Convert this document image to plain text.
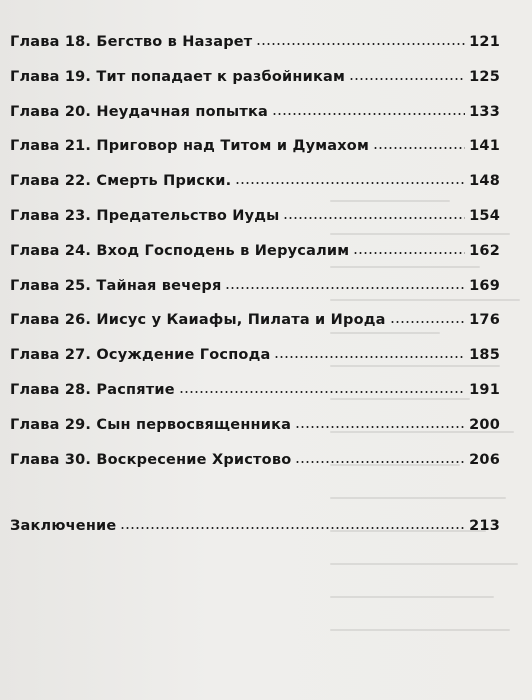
Глава 18. Бегство в Назарет	121
Глава 19. Тит попадает к разбойникам	125
Глава 20. Неудачная попытка	133
Глава 21. Приговор над Титом и Думахом	141
Глава 22. Смерть Приски.	148
Глава 23. Предательство Иуды	154
Глава 24. Вход Господень в Иерусалим	162
Глава 25. Тайная вечеря	169
Глава 26. Иисус у Каиафы, Пилата и Ирода	176
Глава 27. Осуждение Господа	185
Глава 28. Распятие	191
Глава 29. Сын первосвященника	200
Глава 30. Воскресение Христово	206
Заключение	213
